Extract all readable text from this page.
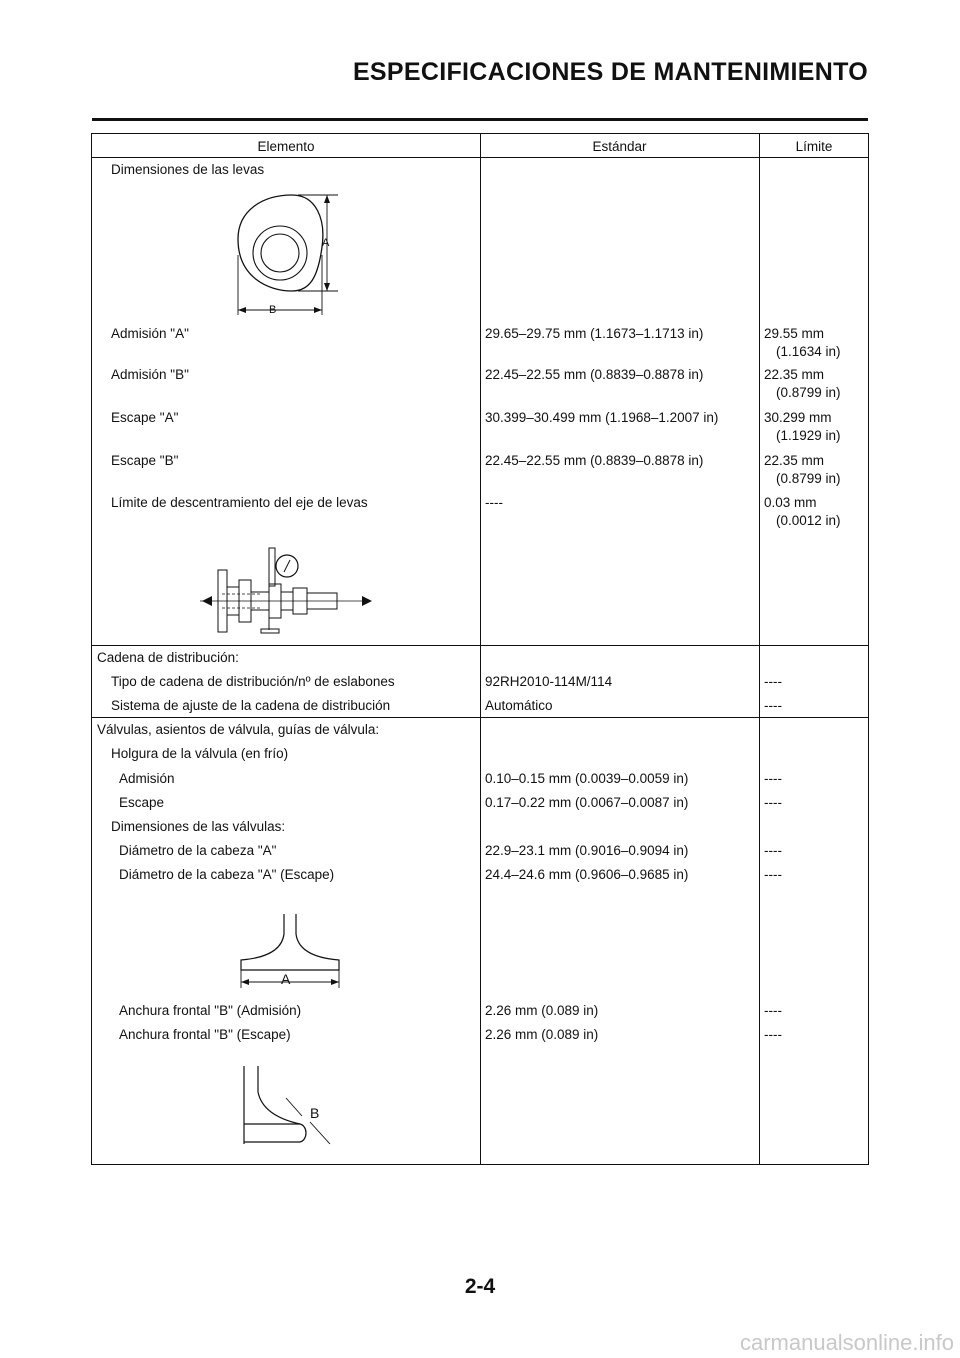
ESPECIFICACIONES DE MANTENIMIENTO
Elemento	Estándar	Límite
Dimensiones de las levas
A
B
Admisión "A"	29.65–29.75 mm (1.1673–1.1713 in)	29.55 mm
(1.1634 in)
Admisión "B"	22.45–22.55 mm (0.8839–0.8878 in)	22.35 mm
(0.8799 in)
Escape "A"	30.399–30.499 mm (1.1968–1.2007 in)	30.299 mm
(1.1929 in)
Escape "B"	22.45–22.55 mm (0.8839–0.8878 in)	22.35 mm
(0.8799 in)
Límite de descentramiento del eje de levas	----	0.03 mm
(0.0012 in)
Cadena de distribución:
Tipo de cadena de distribución/nº de eslabones	92RH2010-114M/114	----
Sistema de ajuste de la cadena de distribución	Automático	----
Válvulas, asientos de válvula, guías de válvula:
Holgura de la válvula (en frío)
Admisión	0.10–0.15 mm (0.0039–0.0059 in)	----
Escape	0.17–0.22 mm (0.0067–0.0087 in)	----
Dimensiones de las válvulas:
Diámetro de la cabeza "A"	22.9–23.1 mm (0.9016–0.9094 in)	----
Diámetro de la cabeza "A" (Escape)	24.4–24.6 mm (0.9606–0.9685 in)	----
A
Anchura frontal "B" (Admisión)	2.26 mm (0.089 in)	----
Anchura frontal "B" (Escape)	2.26 mm (0.089 in)	----
B
2-4
carmanualsonline.info
